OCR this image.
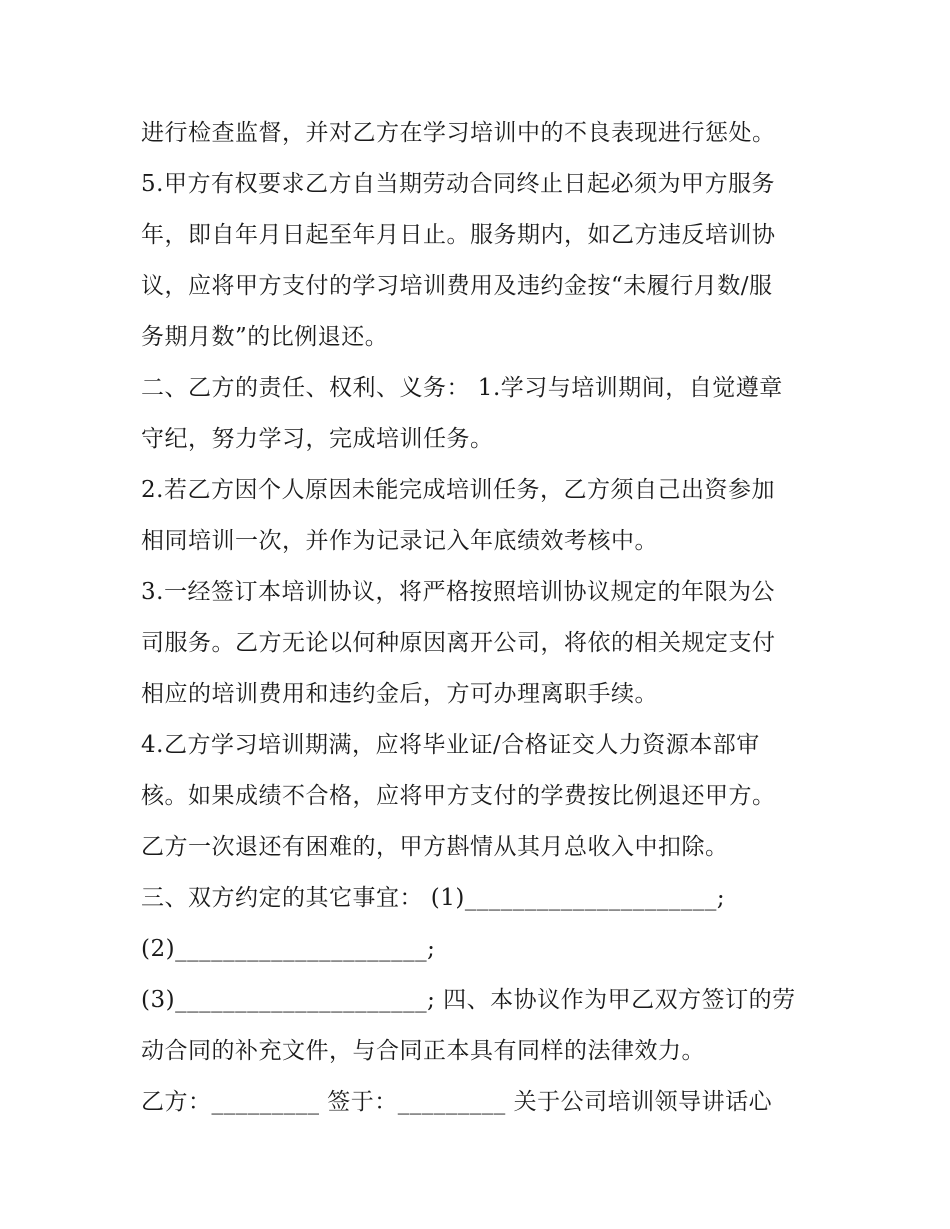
进行检查监督，并对乙方在学习培训中的不良表现进行惩处。
5.甲方有权要求乙方自当期劳动合同终止日起必须为甲方服务
年，即自年月日起至年月日止。服务期内，如乙方违反培训协
议，应将甲方支付的学习培训费用及违约金按“未履行月数/服
务期月数”的比例退还。
二、乙方的责任、权利、义务： 1.学习与培训期间，自觉遵章
守纪，努力学习，完成培训任务。
2.若乙方因个人原因未能完成培训任务，乙方须自己出资参加
相同培训一次，并作为记录记入年底绩效考核中。
3.一经签订本培训协议，将严格按照培训协议规定的年限为公
司服务。乙方无论以何种原因离开公司，将依的相关规定支付
相应的培训费用和违约金后，方可办理离职手续。
4.乙方学习培训期满，应将毕业证/合格证交人力资源本部审
核。如果成绩不合格，应将甲方支付的学费按比例退还甲方。
乙方一次退还有困难的，甲方斟情从其月总收入中扣除。
三、双方约定的其它事宜： (1)_____________________;
(2)_____________________;
(3)_____________________; 四、本协议作为甲乙双方签订的劳
动合同的补充文件，与合同正本具有同样的法律效力。
乙方：_________ 签于：_________ 关于公司培训领导讲话心
